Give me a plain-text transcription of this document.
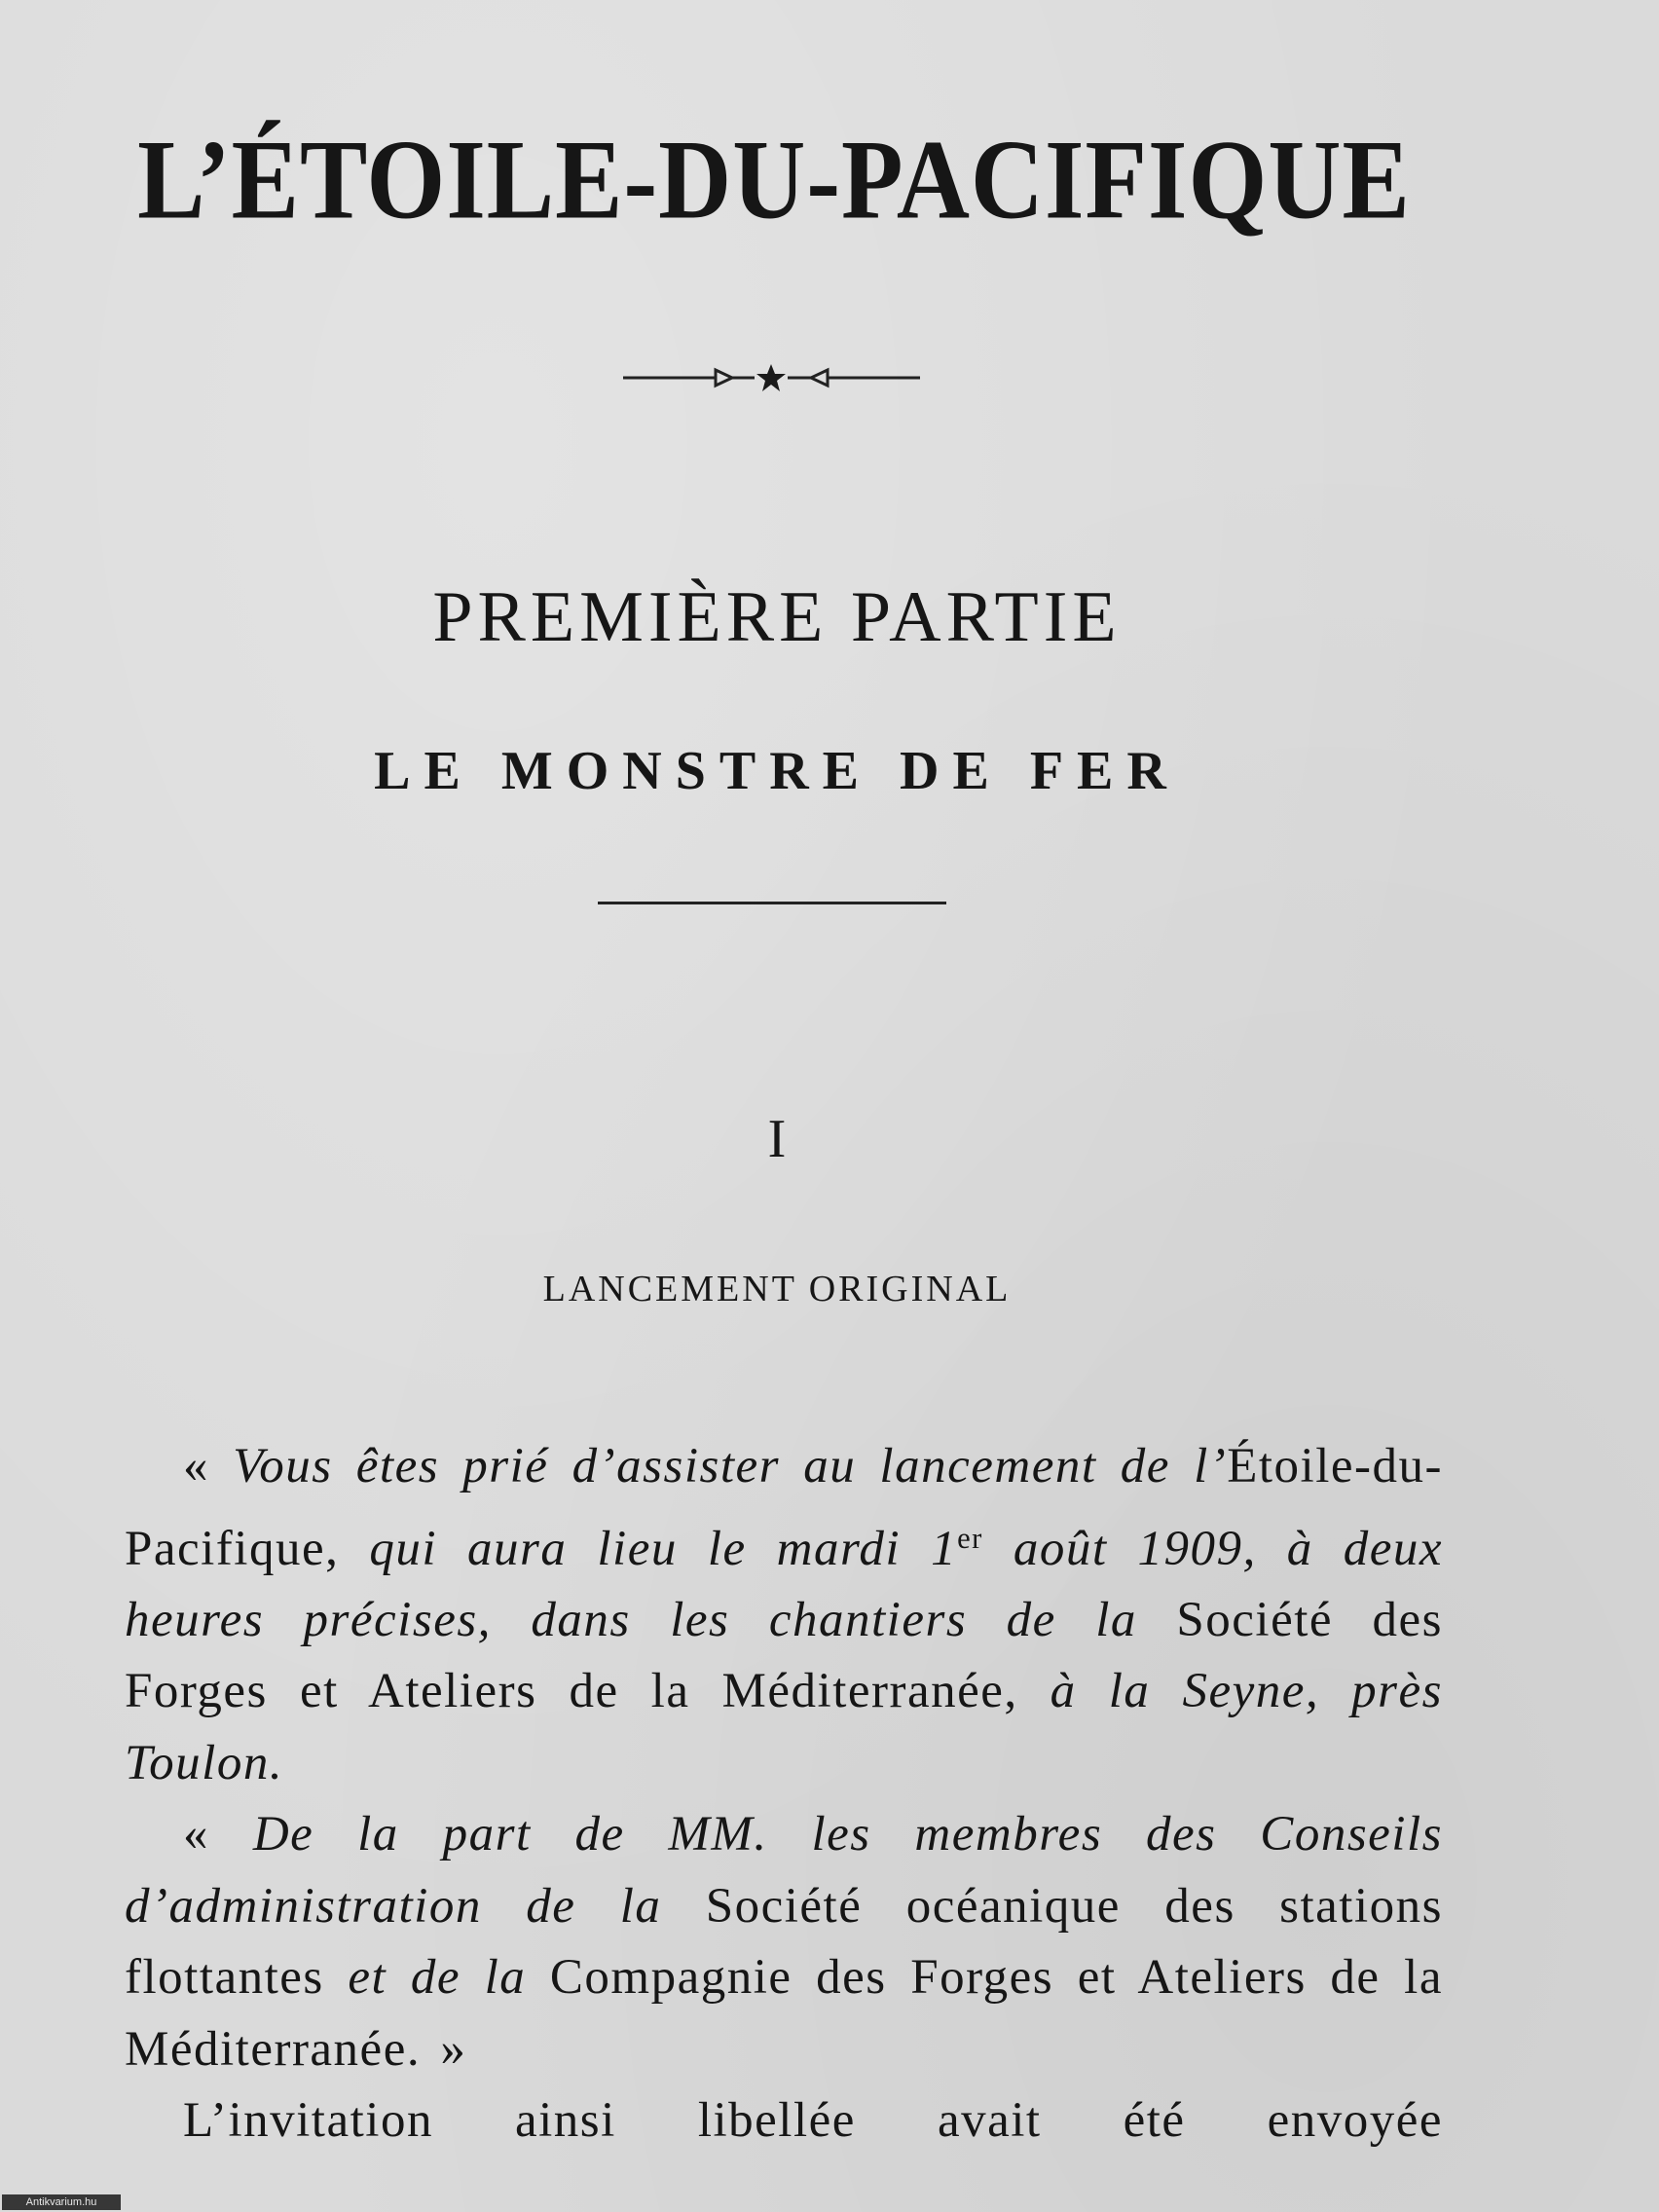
L’ÉTOILE-DU-PACIFIQUE
PREMIÈRE PARTIE
LE MONSTRE DE FER
I
LANCEMENT ORIGINAL

« Vous êtes prié d’assister au lancement de l’Étoile-du-Pacifique, qui aura lieu le mardi 1er août 1909, à deux heures précises, dans les chantiers de la Société des Forges et Ateliers de la Méditerranée, à la Seyne, près Toulon.

« De la part de MM. les membres des Conseils d’administration de la Société océanique des stations flottantes et de la Compagnie des Forges et Ateliers de la Méditerranée. »

L’invitation ainsi libellée avait été envoyée

Antikvarium.hu
